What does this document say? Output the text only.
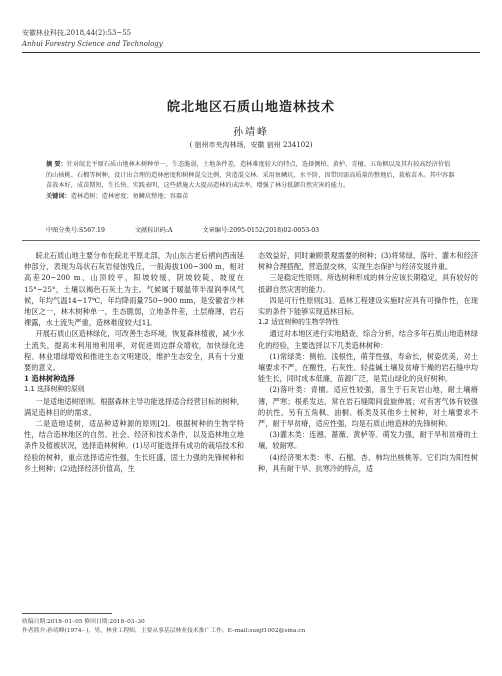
安徽林业科技,2018,44(2):53~55
Anhui Forestry Science and Technology
皖北地区石质山地造林技术
孙靖峰
( 宿州市夹沟林场，安徽 宿州 234102)
摘 要：针对皖北平原石质山地林木树种单一，生态脆弱，土地条件差，造林难度较大的特点，选择侧柏、黄栌、青檀、五角枫以及其有较高经济价值的山核桃、石榴等树种，设计出合理的造林密度和树种混交比例，营造混交林。采用鱼鳞坑、水平阶，因带因需高质量的整地后，栽植苗木。其中容器苗栽本好，成苗期短，生长快。实践表明，这些措施大大提高造林的成活率，增强了林分抵御自然灾害的能力。
关键词：造林造树；造林密度；鱼鳞坑整地；容器苗
中图分类号:S567.19	文献标识码:A	文章编号:2095-0152(2018)02-0053-03

皖北石质山地主要分布在皖北平原北部，为山东古老后褶向西南延伸部分，表现为岛状石灰岩侵蚀残丘，一般海拔100~300 m，相对高差20~200 m，山顶较平，阳坡较缓，阴坡较陡，坡度在15°~25°，土壤以褐色石灰土为主。气候属于暖温带半湿润季风气候，年均气温14~17℃，年均降雨量750~900 mm，是安徽省少林地区之一，林木树种单一，生态脆弱，立地条件差，土层瘠薄，岩石裸露，水土流失严重，造林难度较大[1]。

开展石质山区造林绿化，可改善生态环境，恢复森林植被，减少水土流失，提高未利用地利用率，对促进周边群众增收，加快绿化进程、林业增绿增效和推进生态文明建设，维护生态安全，具有十分重要的意义。

1 造林树种选择

1.1 选择树种的原则

一是适地适树原则。根据森林主导功能选择适合经营目标的树种，满足造林目的的需求。

二是造地适树，适品种适种源的原则[2]。根据树种的生物学特性，结合造林地区的自然、社会、经济和技术条件，以及造林地立地条件及植被状况，选择造林树种。(1)尽可能选择有成功的栽培技术和经验的树种，重点选择适应性强，生长旺盛，固土力强的先锋树种和乡土树种；(2)选择经济价值高，生

态效益好，同时兼顾景观需要的树种；(3)将常绿、落叶、灌木和经济树种合理搭配，营造混交林，实现生态保护与经济发展并重。

三是稳定性原则。所选树种形成的林分应该长期稳定，具有较好的抵御自然灾害的能力。

四是可行性原则[3]。造林工程建设实施时应具有可操作性，在现实的条件下能够实现造林目标。

1.2 适宜树种的生物学特性

通过对本地区进行实地踏查，综合分析，结合多年石质山地造林绿化的经验，主要选择以下几类造林树种：

(1)常绿类：侧柏。浅根性，萌芽性强，寿命长，树姿优美，对土壤要求不严，在酸性、石灰性、轻盐碱土壤及贫瘠干燥的岩石缝中均能生长，同时成本低廉，苗源广泛，是荒山绿化的良好树种。

(2)落叶类：青檀。适应性较强，喜生于石灰岩山地，耐土壤瘠薄，严寒；根系发达，常在岩石缝隙间盘旋伸展；对有害气体有较强的抗性。另有五角枫、油桐、栎类及其他乡土树种，对土壤要求不严，耐干旱贫瘠，适应性强，均是石质山地造林的先锋树种。

(3)灌木类：连翘、蔷薇、黄栌等。萌发力强，耐干旱和贫瘠的土壤，较耐寒。

(4)经济果木类：枣、石榴、杏、柿均出核桃等。它们均为阳性树种，具有耐干旱、抗寒冷的特点，适

收稿日期:2018–01–05 修回日期:2018–03–30
作者简介:孙靖峰(1974– )，男，林业工程师，主要从事基层林业技术推广工作。E–mail:sunjf1002@sina.cn
